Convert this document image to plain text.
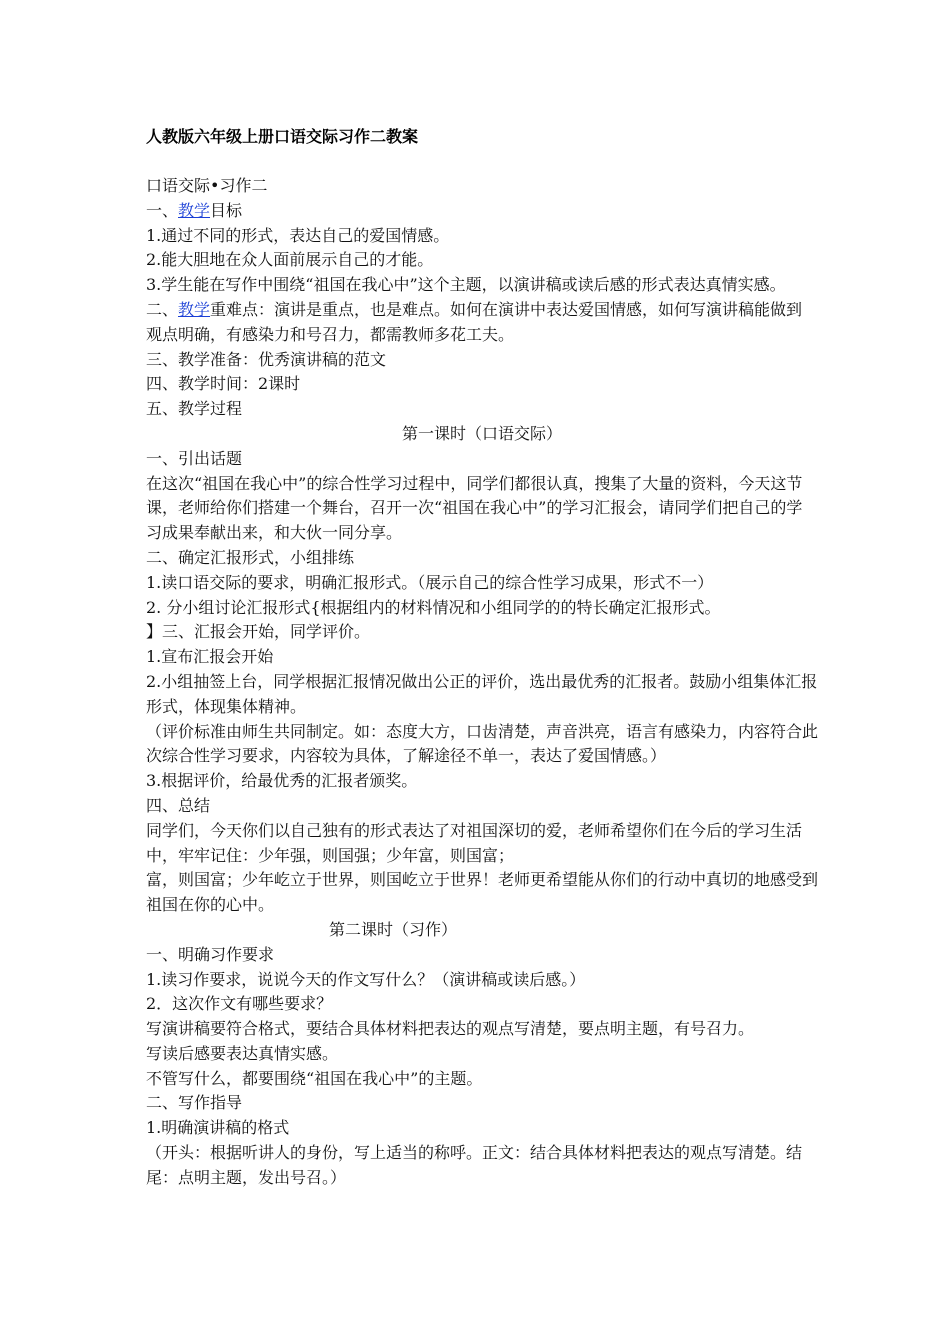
人教版六年级上册口语交际习作二教案

口语交际•习作二

一、教学目标

1.通过不同的形式，表达自己的爱国情感。

2.能大胆地在众人面前展示自己的才能。

3.学生能在写作中围绕“祖国在我心中”这个主题，以演讲稿或读后感的形式表达真情实感。

二、教学重难点：演讲是重点，也是难点。如何在演讲中表达爱国情感，如何写演讲稿能做到观点明确，有感染力和号召力，都需教师多花工夫。

三、教学准备：优秀演讲稿的范文

四、教学时间：2课时

五、教学过程

第一课时（口语交际）

一、引出话题

在这次“祖国在我心中”的综合性学习过程中，同学们都很认真，搜集了大量的资料，今天这节课，老师给你们搭建一个舞台，召开一次“祖国在我心中”的学习汇报会，请同学们把自己的学习成果奉献出来，和大伙一同分享。

二、确定汇报形式，小组排练

1.读口语交际的要求，明确汇报形式。（展示自己的综合性学习成果，形式不一）

2. 分小组讨论汇报形式{根据组内的材料情况和小组同学的的特长确定汇报形式。

】三、汇报会开始，同学评价。

1.宣布汇报会开始

2.小组抽签上台，同学根据汇报情况做出公正的评价，选出最优秀的汇报者。鼓励小组集体汇报形式，体现集体精神。

（评价标准由师生共同制定。如：态度大方，口齿清楚，声音洪亮，语言有感染力，内容符合此次综合性学习要求，内容较为具体，了解途径不单一，表达了爱国情感。）

3.根据评价，给最优秀的汇报者颁奖。

四、总结

同学们，今天你们以自己独有的形式表达了对祖国深切的爱，老师希望你们在今后的学习生活中，牢牢记住：少年强，则国强；少年富，则国富；

富，则国富；少年屹立于世界，则国屹立于世界！老师更希望能从你们的行动中真切的地感受到祖国在你的心中。

第二课时（习作）

一、明确习作要求

1.读习作要求，说说今天的作文写什么？（演讲稿或读后感。）

2．这次作文有哪些要求？

写演讲稿要符合格式，要结合具体材料把表达的观点写清楚，要点明主题，有号召力。

写读后感要表达真情实感。

不管写什么，都要围绕“祖国在我心中”的主题。

二、写作指导

1.明确演讲稿的格式

（开头：根据听讲人的身份，写上适当的称呼。正文：结合具体材料把表达的观点写清楚。结尾：点明主题，发出号召。）
